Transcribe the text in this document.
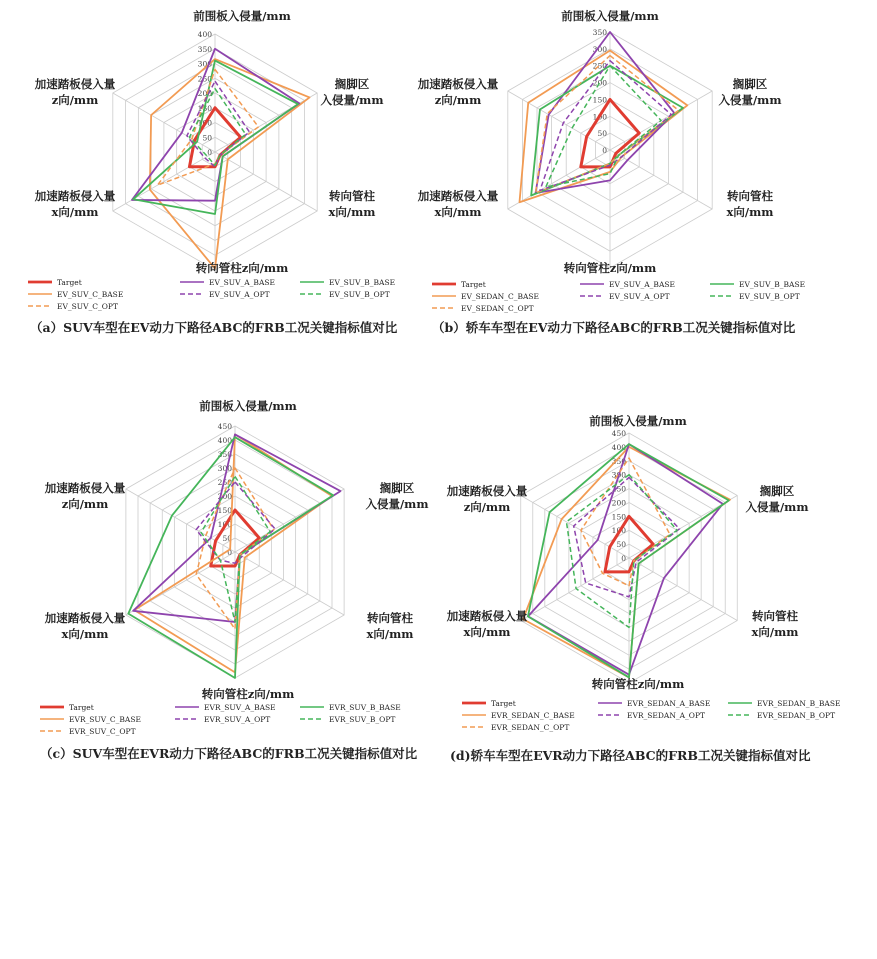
0
50
100
150
200
250
300
350
400
前围板入侵量/mm
搁脚区入侵量/mm
转向管柱 x向/mm
转向管柱z向/mm
加速踏板侵入量 x向/mm
加速踏板侵入量 z向/mm
Target
EV_SUV_C_BASE
EV_SUV_C_OPT
EV_SUV_A_BASE
EV_SUV_A_OPT
EV_SUV_B_BASE
EV_SUV_B_OPT
（a）SUV车型在EV动力下路径ABC的FRB工况关键指标值对比
0
50
100
150
200
250
300
350
前围板入侵量/mm
搁脚区入侵量/mm
转向管柱 x向/mm
转向管柱z向/mm
加速踏板侵入量 x向/mm
加速踏板侵入量 z向/mm
Target
EV_SEDAN_C_BASE
EV_SEDAN_C_OPT
EV_SUV_A_BASE
EV_SUV_A_OPT
EV_SUV_B_BASE
EV_SUV_B_OPT
（b）轿车车型在EV动力下路径ABC的FRB工况关键指标值对比
0
50
100
150
200
250
300
350
400
450
前围板入侵量/mm
搁脚区入侵量/mm
转向管柱 x向/mm
转向管柱z向/mm
加速踏板侵入量 x向/mm
加速踏板侵入量 z向/mm
Target
EVR_SUV_C_BASE
EVR_SUV_C_OPT
EVR_SUV_A_BASE
EVR_SUV_A_OPT
EVR_SUV_B_BASE
EVR_SUV_B_OPT
（c）SUV车型在EVR动力下路径ABC的FRB工况关键指标值对比
0
50
100
150
200
250
300
350
400
450
前围板入侵量/mm
搁脚区入侵量/mm
转向管柱 x向/mm
转向管柱z向/mm
加速踏板侵入量 x向/mm
加速踏板侵入量 z向/mm
Target
EVR_SEDAN_C_BASE
EVR_SEDAN_C_OPT
EVR_SEDAN_A_BASE
EVR_SEDAN_A_OPT
EVR_SEDAN_B_BASE
EVR_SEDAN_B_OPT
(d)轿车车型在EVR动力下路径ABC的FRB工况关键指标值对比
